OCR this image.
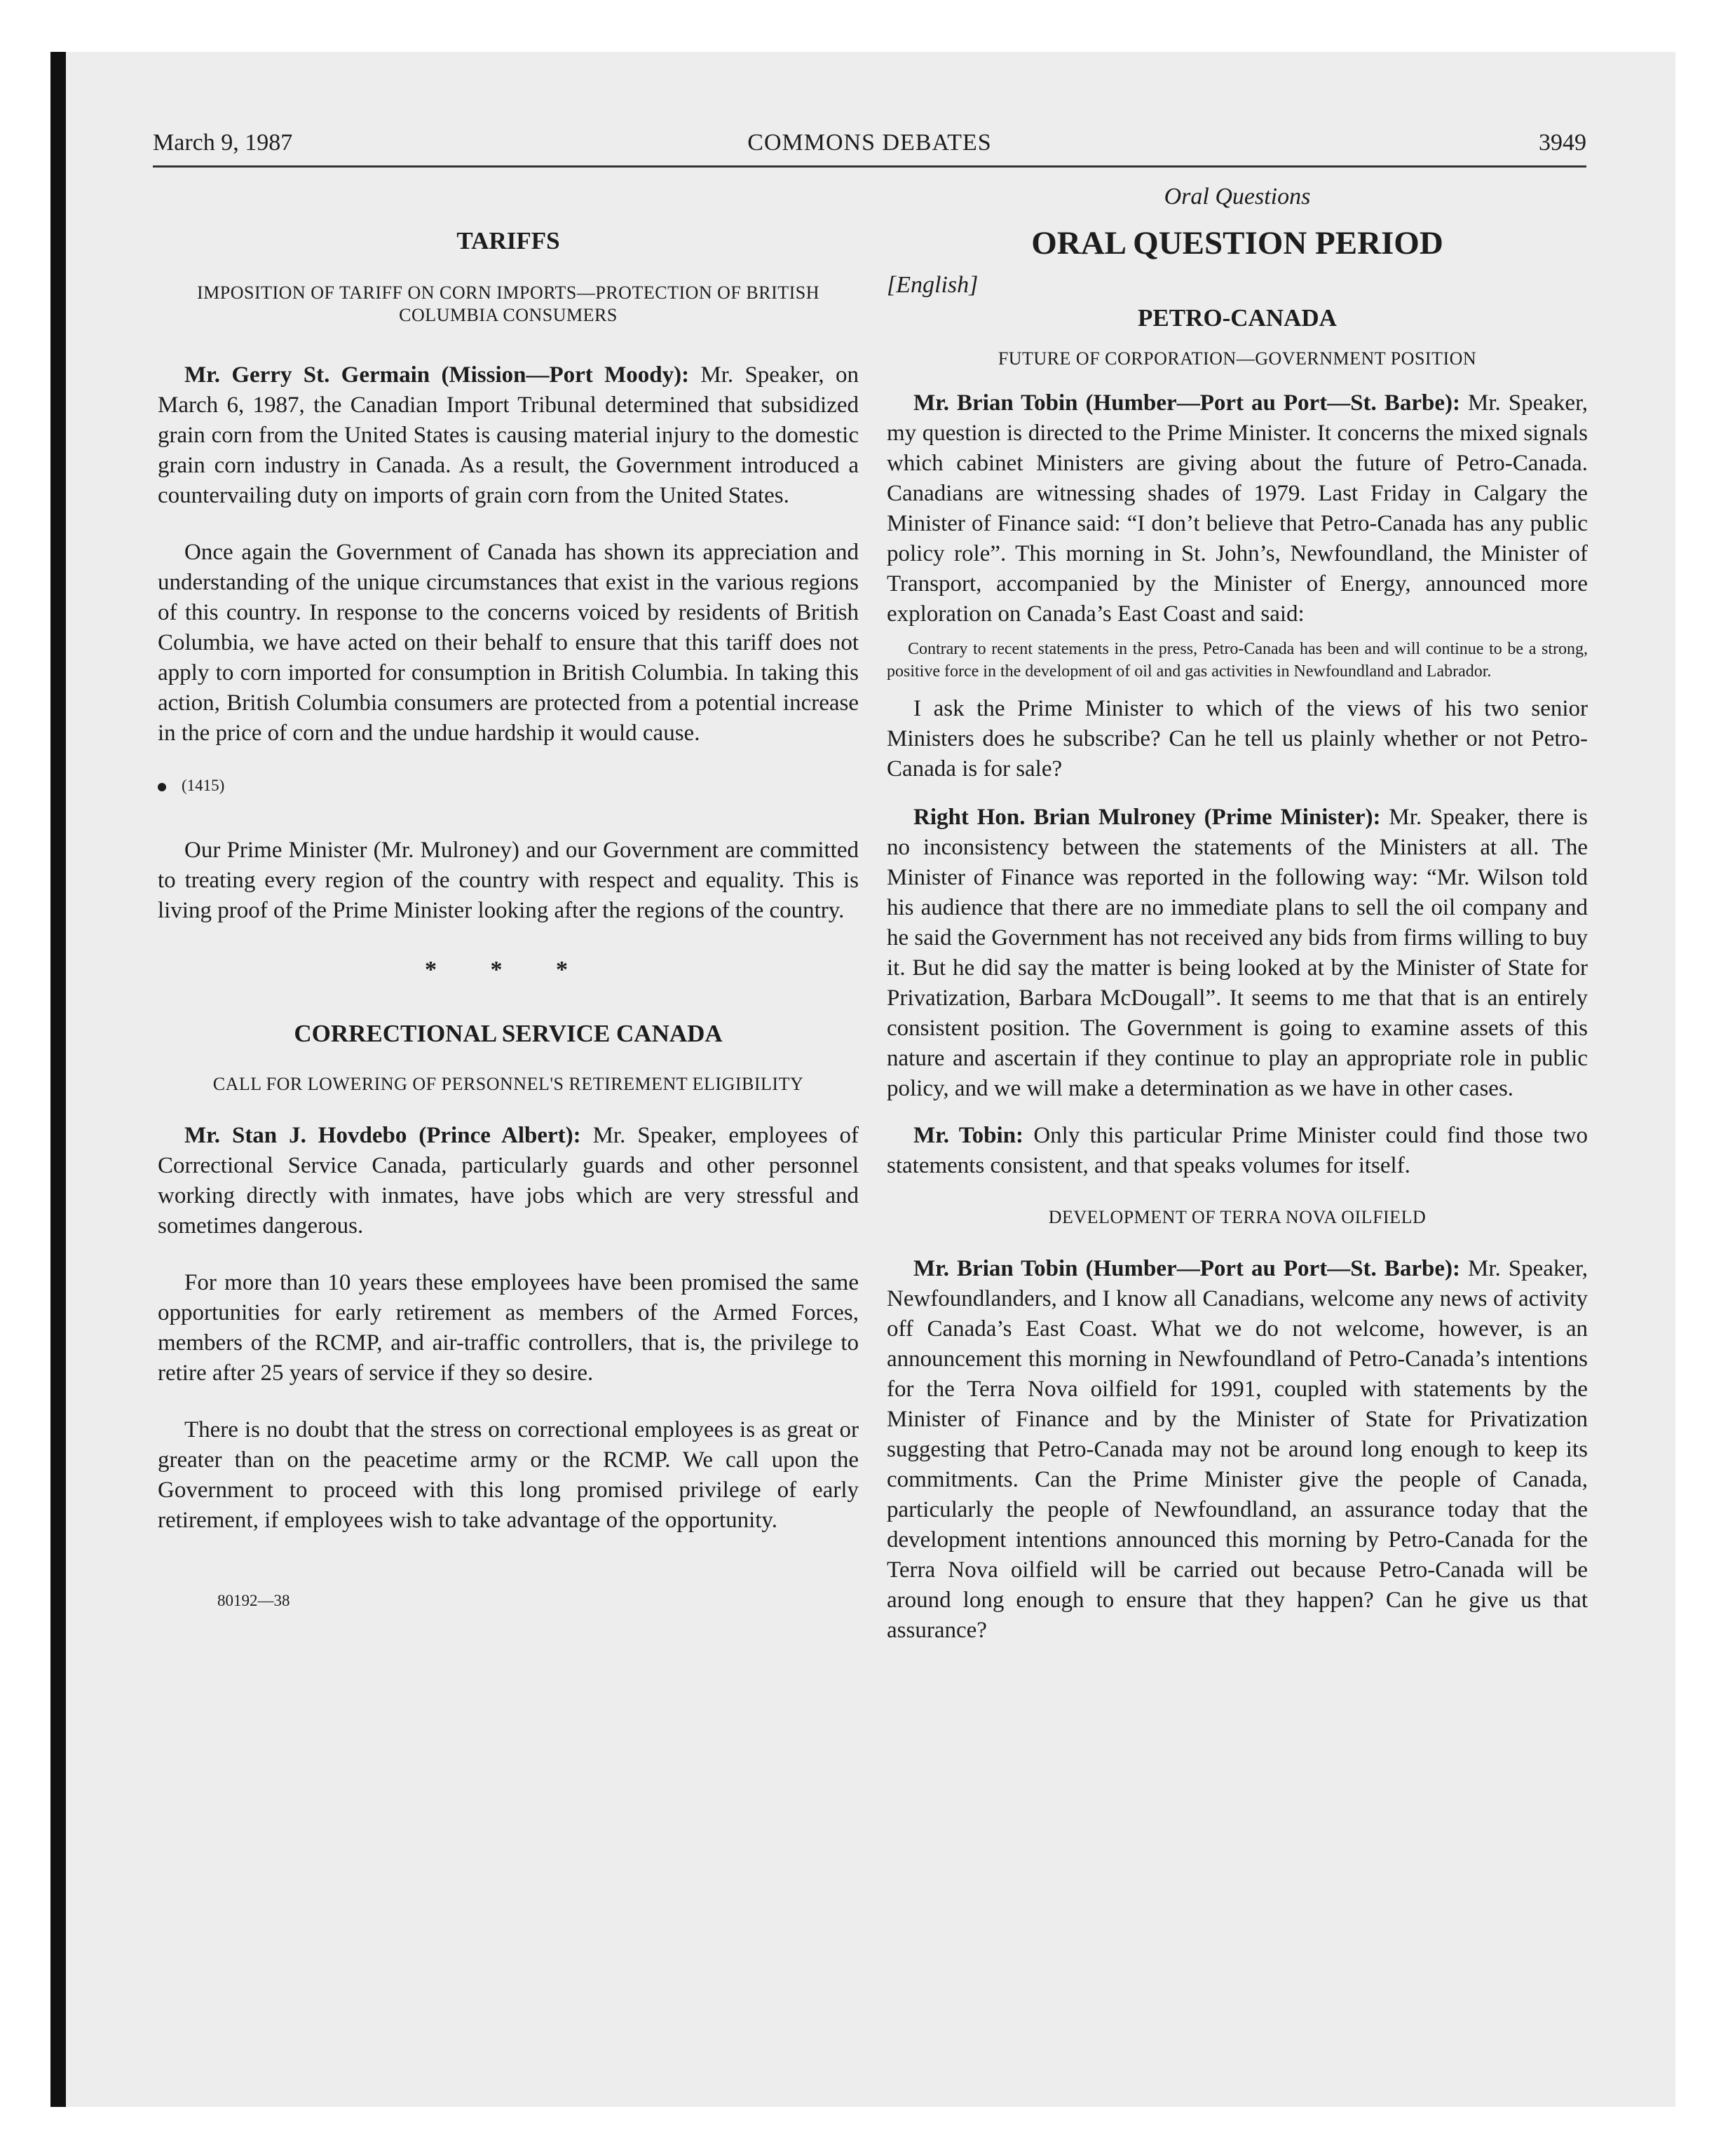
March 9, 1987	COMMONS DEBATES	3949

TARIFFS

IMPOSITION OF TARIFF ON CORN IMPORTS—PROTECTION OF BRITISH COLUMBIA CONSUMERS

Mr. Gerry St. Germain (Mission—Port Moody): Mr. Speaker, on March 6, 1987, the Canadian Import Tribunal determined that subsidized grain corn from the United States is causing material injury to the domestic grain corn industry in Canada. As a result, the Government introduced a countervailing duty on imports of grain corn from the United States.

Once again the Government of Canada has shown its appreciation and understanding of the unique circumstances that exist in the various regions of this country. In response to the concerns voiced by residents of British Columbia, we have acted on their behalf to ensure that this tariff does not apply to corn imported for consumption in British Columbia. In taking this action, British Columbia consumers are protected from a potential increase in the price of corn and the undue hardship it would cause.

(1415)

Our Prime Minister (Mr. Mulroney) and our Government are committed to treating every region of the country with respect and equality. This is living proof of the Prime Minister looking after the regions of the country.

* * *

CORRECTIONAL SERVICE CANADA

CALL FOR LOWERING OF PERSONNEL'S RETIREMENT ELIGIBILITY

Mr. Stan J. Hovdebo (Prince Albert): Mr. Speaker, employees of Correctional Service Canada, particularly guards and other personnel working directly with inmates, have jobs which are very stressful and sometimes dangerous.

For more than 10 years these employees have been promised the same opportunities for early retirement as members of the Armed Forces, members of the RCMP, and air-traffic controllers, that is, the privilege to retire after 25 years of service if they so desire.

There is no doubt that the stress on correctional employees is as great or greater than on the peacetime army or the RCMP. We call upon the Government to proceed with this long promised privilege of early retirement, if employees wish to take advantage of the opportunity.

80192—38

Oral Questions

ORAL QUESTION PERIOD

[English]

PETRO-CANADA

FUTURE OF CORPORATION—GOVERNMENT POSITION

Mr. Brian Tobin (Humber—Port au Port—St. Barbe): Mr. Speaker, my question is directed to the Prime Minister. It concerns the mixed signals which cabinet Ministers are giving about the future of Petro-Canada. Canadians are witnessing shades of 1979. Last Friday in Calgary the Minister of Finance said: “I don’t believe that Petro-Canada has any public policy role”. This morning in St. John’s, Newfoundland, the Minister of Transport, accompanied by the Minister of Energy, announced more exploration on Canada’s East Coast and said:

Contrary to recent statements in the press, Petro-Canada has been and will continue to be a strong, positive force in the development of oil and gas activities in Newfoundland and Labrador.

I ask the Prime Minister to which of the views of his two senior Ministers does he subscribe? Can he tell us plainly whether or not Petro-Canada is for sale?

Right Hon. Brian Mulroney (Prime Minister): Mr. Speaker, there is no inconsistency between the statements of the Ministers at all. The Minister of Finance was reported in the following way: “Mr. Wilson told his audience that there are no immediate plans to sell the oil company and he said the Government has not received any bids from firms willing to buy it. But he did say the matter is being looked at by the Minister of State for Privatization, Barbara McDougall”. It seems to me that that is an entirely consistent position. The Government is going to examine assets of this nature and ascertain if they continue to play an appropriate role in public policy, and we will make a determination as we have in other cases.

Mr. Tobin: Only this particular Prime Minister could find those two statements consistent, and that speaks volumes for itself.

DEVELOPMENT OF TERRA NOVA OILFIELD

Mr. Brian Tobin (Humber—Port au Port—St. Barbe): Mr. Speaker, Newfoundlanders, and I know all Canadians, welcome any news of activity off Canada’s East Coast. What we do not welcome, however, is an announcement this morning in Newfoundland of Petro-Canada’s intentions for the Terra Nova oilfield for 1991, coupled with statements by the Minister of Finance and by the Minister of State for Privatization suggesting that Petro-Canada may not be around long enough to keep its commitments. Can the Prime Minister give the people of Canada, particularly the people of Newfoundland, an assurance today that the development intentions announced this morning by Petro-Canada for the Terra Nova oilfield will be carried out because Petro-Canada will be around long enough to ensure that they happen? Can he give us that assurance?
